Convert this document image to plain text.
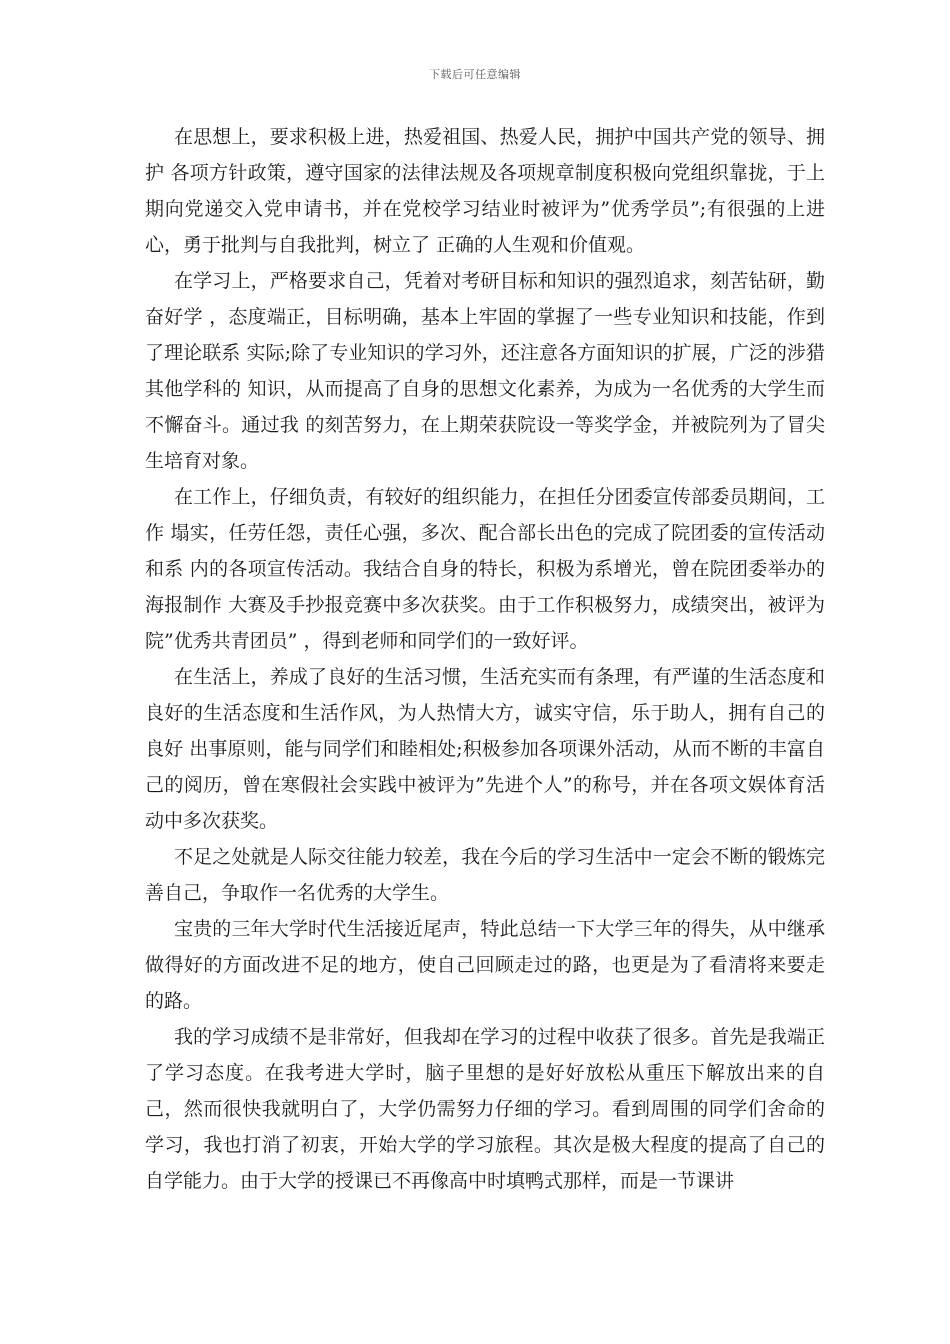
下载后可任意编辑

在思想上，要求积极上进，热爱祖国、热爱人民，拥护中国共产党的领导、拥护 各项方针政策，遵守国家的法律法规及各项规章制度积极向党组织靠拢，于上期向党递交入党申请书，并在党校学习结业时被评为”优秀学员”;有很强的上进心，勇于批判与自我批判，树立了 正确的人生观和价值观。

在学习上，严格要求自己，凭着对考研目标和知识的强烈追求，刻苦钻研，勤奋好学 ，态度端正，目标明确，基本上牢固的掌握了一些专业知识和技能，作到了理论联系 实际;除了专业知识的学习外，还注意各方面知识的扩展，广泛的涉猎其他学科的 知识，从而提高了自身的思想文化素养，为成为一名优秀的大学生而不懈奋斗。通过我 的刻苦努力，在上期荣获院设一等奖学金，并被院列为了冒尖生培育对象。

在工作上，仔细负责，有较好的组织能力，在担任分团委宣传部委员期间，工作 塌实，任劳任怨，责任心强，多次、配合部长出色的完成了院团委的宣传活动和系 内的各项宣传活动。我结合自身的特长，积极为系增光，曾在院团委举办的海报制作 大赛及手抄报竞赛中多次获奖。由于工作积极努力，成绩突出，被评为院”优秀共青团员” ，得到老师和同学们的一致好评。

在生活上，养成了良好的生活习惯，生活充实而有条理，有严谨的生活态度和 良好的生活态度和生活作风，为人热情大方，诚实守信，乐于助人，拥有自己的良好 出事原则，能与同学们和睦相处;积极参加各项课外活动，从而不断的丰富自己的阅历，曾在寒假社会实践中被评为”先进个人”的称号，并在各项文娱体育活动中多次获奖。

不足之处就是人际交往能力较差，我在今后的学习生活中一定会不断的锻炼完善自己，争取作一名优秀的大学生。

宝贵的三年大学时代生活接近尾声，特此总结一下大学三年的得失，从中继承做得好的方面改进不足的地方，使自己回顾走过的路，也更是为了看清将来要走的路。

我的学习成绩不是非常好，但我却在学习的过程中收获了很多。首先是我端正了学习态度。在我考进大学时，脑子里想的是好好放松从重压下解放出来的自己，然而很快我就明白了，大学仍需努力仔细的学习。看到周围的同学们舍命的学习，我也打消了初衷，开始大学的学习旅程。其次是极大程度的提高了自己的自学能力。由于大学的授课已不再像高中时填鸭式那样，而是一节课讲
